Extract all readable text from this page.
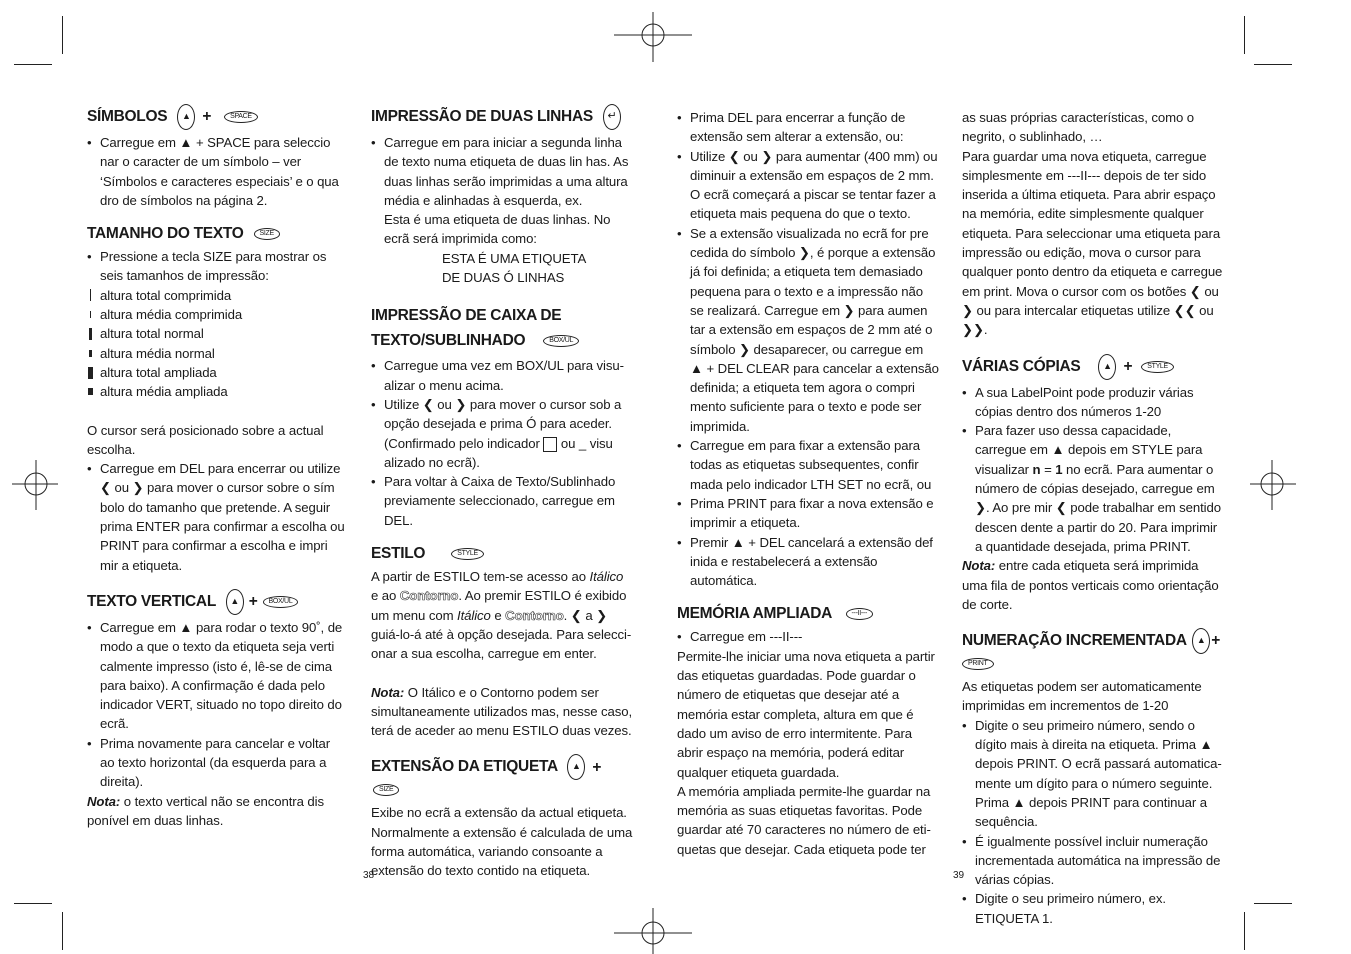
SÍMBOLOS ▲ +	SPACE
• Carregue em ▲ + SPACE para seleccio nar o caracter de um símbolo – ver ‘Símbolos e caracteres especiais’ e o qua dro de símbolos na página 2.
TAMANHO DO TEXTO SIZE
• Pressione a tecla SIZE para mostrar os seis tamanhos de impressão:
altura total comprimida
altura média comprimida
altura total normal
altura média normal
altura total ampliada
altura média ampliada

O cursor será posicionado sobre a actual escolha.

• Carregue em DEL para encerrar ou utilize ❮ ou ❯ para mover o cursor sobre o sím bolo do tamanho que pretende. A seguir prima ENTER para confirmar a escolha ou PRINT para confirmar a escolha e impri mir a etiqueta.
TEXTO VERTICAL ▲ + BOX/UL
• Carregue em ▲ para rodar o texto 90˚, de modo a que o texto da etiqueta seja verti calmente impresso (isto é, lê-se de cima para baixo). A confirmação é dada pelo indicador VERT, situado no topo direito do ecrã.
• Prima novamente para cancelar e voltar ao texto horizontal (da esquerda para a direita).

Nota: o texto vertical não se encontra dis ponível em duas linhas.

IMPRESSÃO DE DUAS LINHAS ↵
• Carregue em para iniciar a segunda linha de texto numa etiqueta de duas lin has. As duas linhas serão imprimidas a uma altura média e alinhadas à esquerda, ex.

Esta é uma etiqueta de duas linhas. No ecrã será imprimida como:

ESTA É UMA ETIQUETA

DE DUAS Ó LINHAS

IMPRESSÃO DE CAIXA DE
TEXTO/SUBLINHADO	BOX/UL
• Carregue uma vez em BOX/UL para visu- alizar o menu acima.
• Utilize ❮ ou ❯ para mover o cursor sob a opção desejada e prima Ó para aceder. (Confirmado pelo indicador  ou _ visu alizado no ecrã).
• Para voltar à Caixa de Texto/Sublinhado previamente seleccionado, carregue em DEL.
ESTILO	STYLE

A partir de ESTILO tem-se acesso ao Itálico e ao Contorno. Ao premir ESTILO é exibido um menu com Itálico e Contorno. ❮ a ❯ guiá-lo-á até à opção desejada. Para selecci- onar a sua escolha, carregue em enter.

Nota: O Itálico e o Contorno podem ser simultaneamente utilizados mas, nesse caso, terá de aceder ao menu ESTILO duas vezes.

EXTENSÃO DA ETIQUETA ▲ + SIZE

Exibe no ecrã a extensão da actual etiqueta. Normalmente a extensão é calculada de uma forma automática, variando consoante a extensão do texto contido na etiqueta.

38
• Prima DEL para encerrar a função de extensão sem alterar a extensão, ou:
• Utilize ❮ ou ❯ para aumentar (400 mm) ou diminuir a extensão em espaços de 2 mm. O ecrã começará a piscar se tentar fazer a etiqueta mais pequena do que o texto.
• Se a extensão visualizada no ecrã for pre cedida do símbolo ❯, é porque a extensão já foi definida; a etiqueta tem demasiado pequena para o texto e a impressão não se realizará. Carregue em ❯ para aumen tar a extensão em espaços de 2 mm até o símbolo ❯ desaparecer, ou carregue em ▲ + DEL CLEAR para cancelar a extensão definida; a etiqueta tem agora o compri mento suficiente para o texto e pode ser imprimida.
• Carregue em para fixar a extensão para todas as etiquetas subsequentes, confir mada pelo indicador LTH SET no ecrã, ou
• Prima PRINT para fixar a nova extensão e imprimir a etiqueta.
• Premir ▲ + DEL cancelará a extensão def inida e restabelecerá a extensão automática.
MEMÓRIA AMPLIADA	---II---
• Carregue em ---II---

Permite-lhe iniciar uma nova etiqueta a partir das etiquetas guardadas. Pode guardar o número de etiquetas que desejar até a memória estar completa, altura em que é dado um aviso de erro intermitente. Para abrir espaço na memória, poderá editar qualquer etiqueta guardada.

A memória ampliada permite-lhe guardar na memória as suas etiquetas favoritas. Pode guardar até 70 caracteres no número de eti- quetas que desejar. Cada etiqueta pode ter

as suas próprias características, como o negrito, o sublinhado, …

Para guardar uma nova etiqueta, carregue simplesmente em ---II--- depois de ter sido inserida a última etiqueta. Para abrir espaço na memória, edite simplesmente qualquer etiqueta. Para seleccionar uma etiqueta para impressão ou edição, mova o cursor para qualquer ponto dentro da etiqueta e carregue em print. Mova o cursor com os botões ❮ ou ❯ ou para intercalar etiquetas utilize ❮❮ ou ❯❯.

VÁRIAS CÓPIAS	▲ + STYLE
• A sua LabelPoint pode produzir várias cópias dentro dos números 1-20
• Para fazer uso dessa capacidade, carregue em ▲ depois em STYLE para visualizar n = 1 no ecrã. Para aumentar o número de cópias desejado, carregue em ❯. Ao pre mir ❮ pode trabalhar em sentido descen dente a partir do 20. Para imprimir a quantidade desejada, prima PRINT.

Nota: entre cada etiqueta será imprimida uma fila de pontos verticais como orientação de corte.

NUMERAÇÃO INCREMENTADA ▲ +PRINT

As etiquetas podem ser automaticamente imprimidas em incrementos de 1-20

• Digite o seu primeiro número, sendo o dígito mais à direita na etiqueta. Prima ▲ depois PRINT. O ecrã passará automatica- mente um dígito para o número seguinte. Prima ▲ depois PRINT para continuar a sequência.
• É igualmente possível incluir numeração incrementada automática na impressão de várias cópias.
• Digite o seu primeiro número, ex. ETIQUETA 1.
39
